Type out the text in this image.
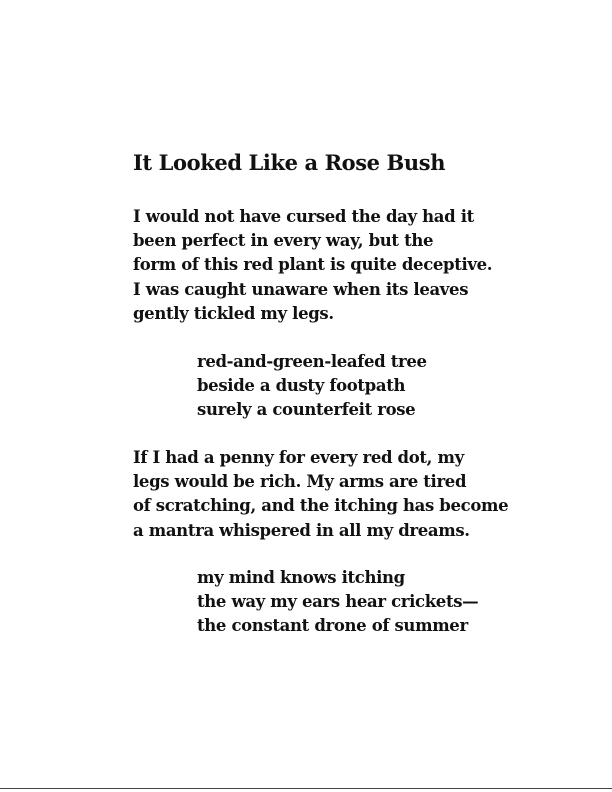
It Looked Like a Rose Bush
I would not have cursed the day had it
been perfect in every way, but the
form of this red plant is quite deceptive.
I was caught unaware when its leaves
gently tickled my legs.
red-and-green-leafed tree
beside a dusty footpath
surely a counterfeit rose
If I had a penny for every red dot, my
legs would be rich. My arms are tired
of scratching, and the itching has become
a mantra whispered in all my dreams.
my mind knows itching
the way my ears hear crickets—
the constant drone of summer
